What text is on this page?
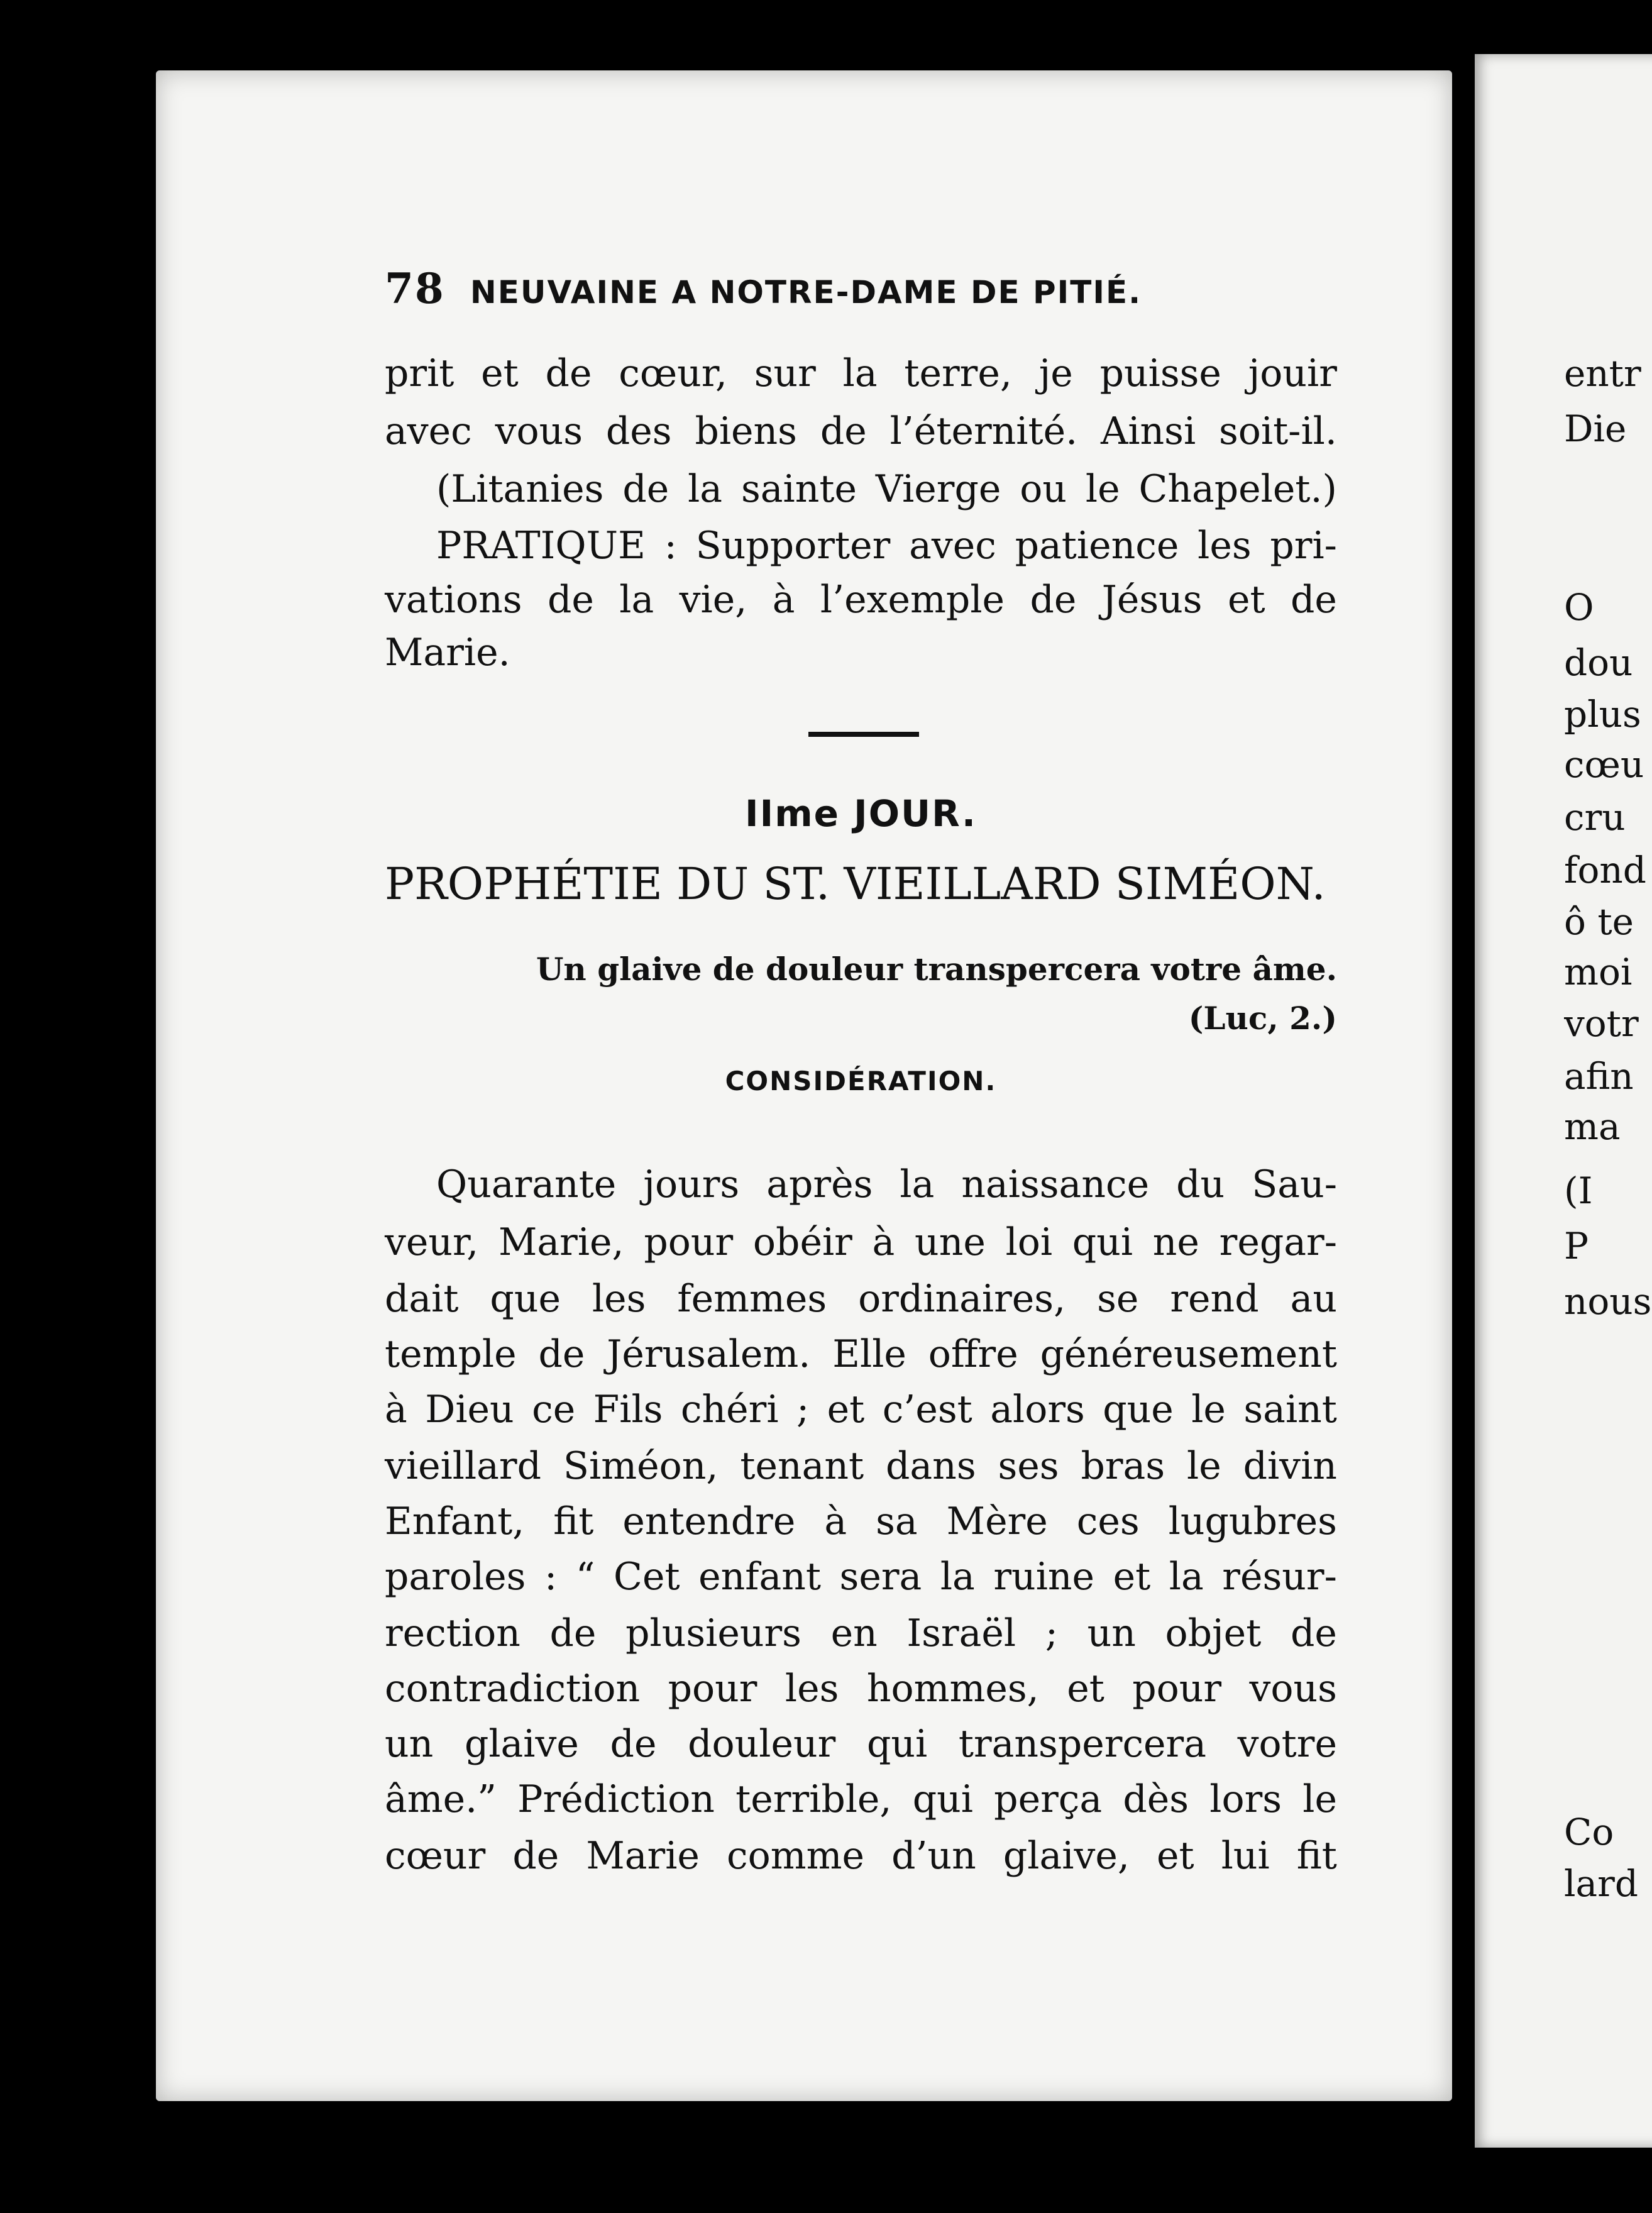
78 NEUVAINE A NOTRE-DAME DE PITIÉ.
prit et de cœur, sur la terre, je puisse jouir
avec vous des biens de l’éternité. Ainsi soit-il.
(Litanies de la sainte Vierge ou le Chapelet.)
PRATIQUE : Supporter avec patience les pri-
vations de la vie, à l’exemple de Jésus et de
Marie.
IIme JOUR.
PROPHÉTIE DU ST. VIEILLARD SIMÉON.
Un glaive de douleur transpercera votre âme.
(Luc, 2.)
CONSIDÉRATION.
Quarante jours après la naissance du Sau-
veur, Marie, pour obéir à une loi qui ne regar-
dait que les femmes ordinaires, se rend au
temple de Jérusalem. Elle offre généreusement
à Dieu ce Fils chéri ; et c’est alors que le saint
vieillard Siméon, tenant dans ses bras le divin
Enfant, fit entendre à sa Mère ces lugubres
paroles : “ Cet enfant sera la ruine et la résur-
rection de plusieurs en Israël ; un objet de
contradiction pour les hommes, et pour vous
un glaive de douleur qui transpercera votre
âme.” Prédiction terrible, qui perça dès lors le
cœur de Marie comme d’un glaive, et lui fit
entr
Die
O
dou
plus
cœu
cru
fond
ô te
moi
votr
afin
ma
(I
P
nous
Co
lard
